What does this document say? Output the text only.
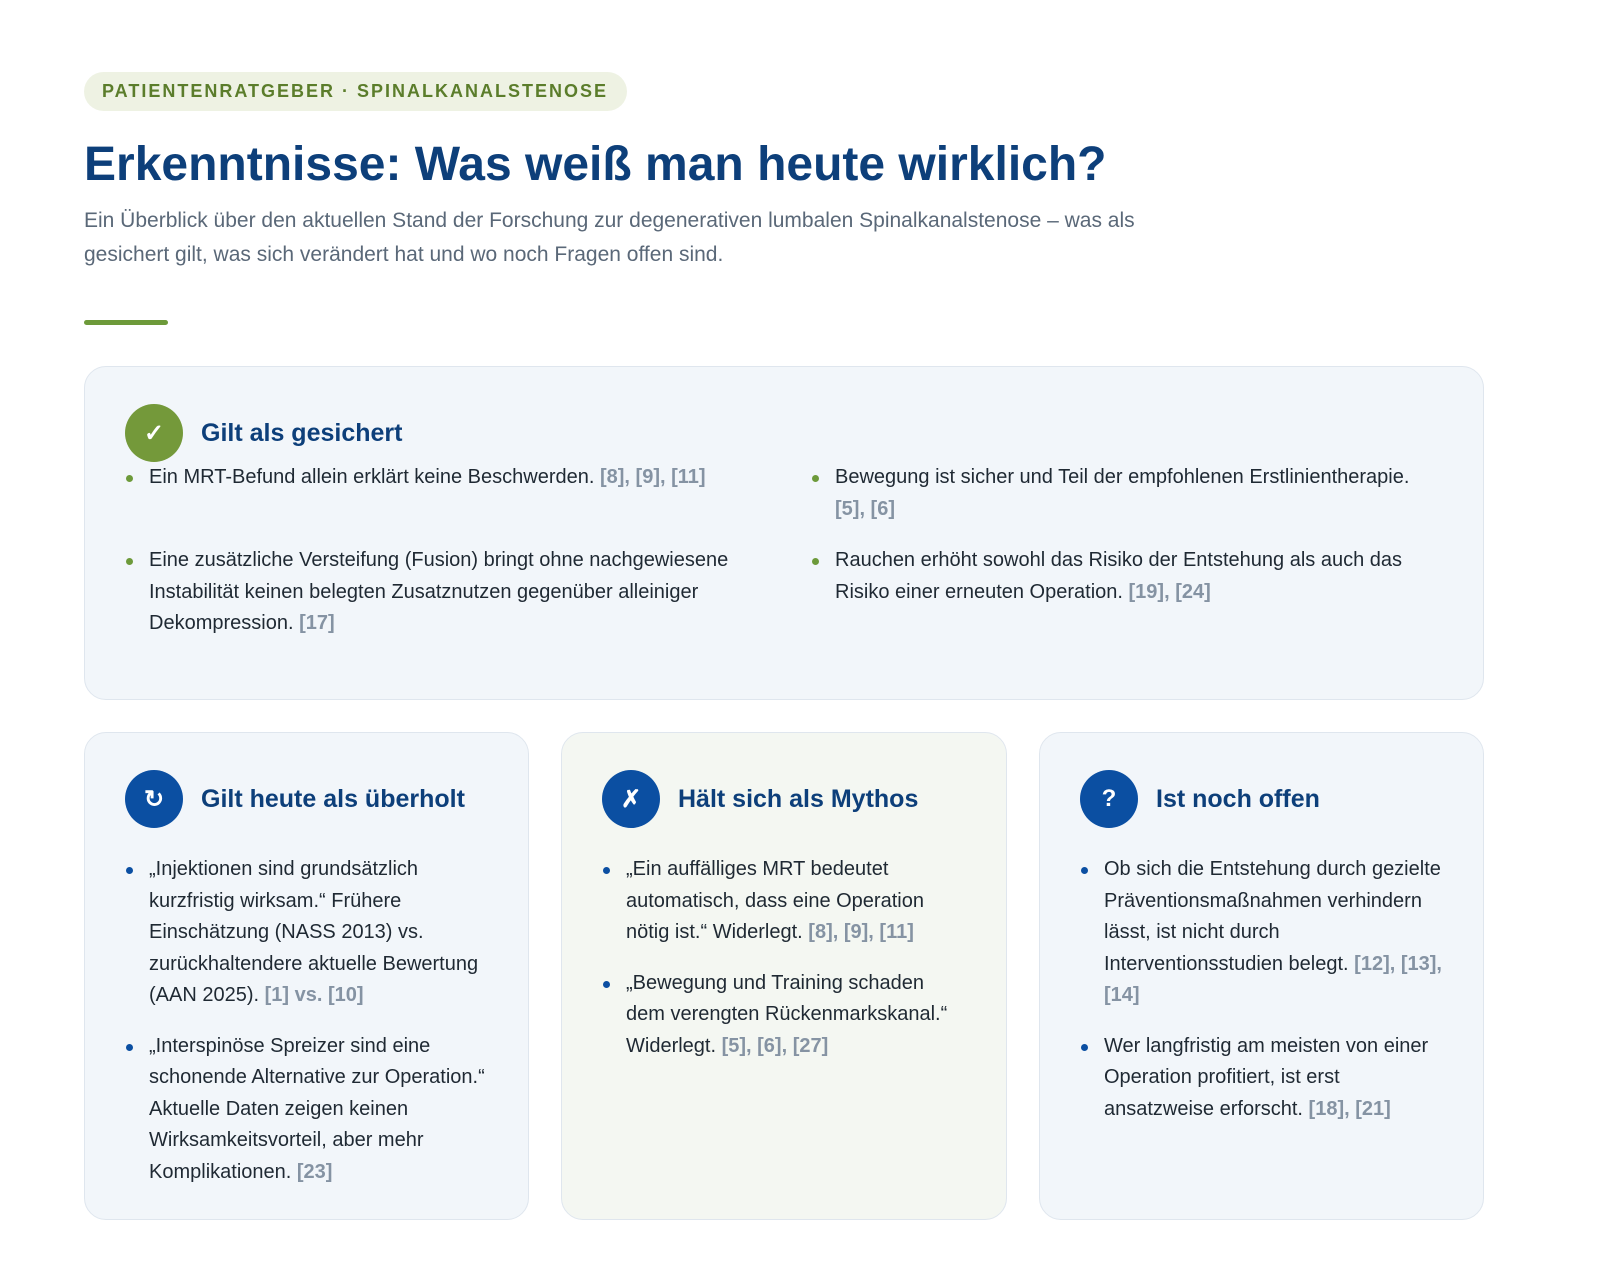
PATIENTENRATGEBER · SPINALKANALSTENOSE
Erkenntnisse: Was weiß man heute wirklich?

Ein Überblick über den aktuellen Stand der Forschung zur degenerativen lumbalen Spinalkanalstenose – was als gesichert gilt, was sich verändert hat und wo noch Fragen offen sind.

✓	Gilt als gesichert
Ein MRT-Befund allein erklärt keine Beschwerden. [8], [9], [11]	Bewegung ist sicher und Teil der empfohlenen Erstlinientherapie. [5], [6]
Eine zusätzliche Versteifung (Fusion) bringt ohne nachgewiesene Instabilität keinen belegten Zusatznutzen gegenüber alleiniger Dekompression. [17]
Rauchen erhöht sowohl das Risiko der Entstehung als auch das Risiko einer erneuten Operation. [19], [24]
↻	Gilt heute als überholt
„Injektionen sind grundsätzlich kurzfristig wirksam.“ Frühere Einschätzung (NASS 2013) vs. zurückhaltendere aktuelle Bewertung (AAN 2025). [1] vs. [10]
„Interspinöse Spreizer sind eine schonende Alternative zur Operation.“ Aktuelle Daten zeigen keinen Wirksamkeitsvorteil, aber mehr Komplikationen. [23]
✗	Hält sich als Mythos
„Ein auffälliges MRT bedeutet automatisch, dass eine Operation nötig ist.“ Widerlegt. [8], [9], [11]
„Bewegung und Training schaden dem verengten Rückenmarkskanal.“ Widerlegt. [5], [6], [27]
?	Ist noch offen
Ob sich die Entstehung durch gezielte Präventionsmaßnahmen verhindern lässt, ist nicht durch Interventionsstudien belegt. [12], [13], [14]
Wer langfristig am meisten von einer Operation profitiert, ist erst ansatzweise erforscht. [18], [21]
